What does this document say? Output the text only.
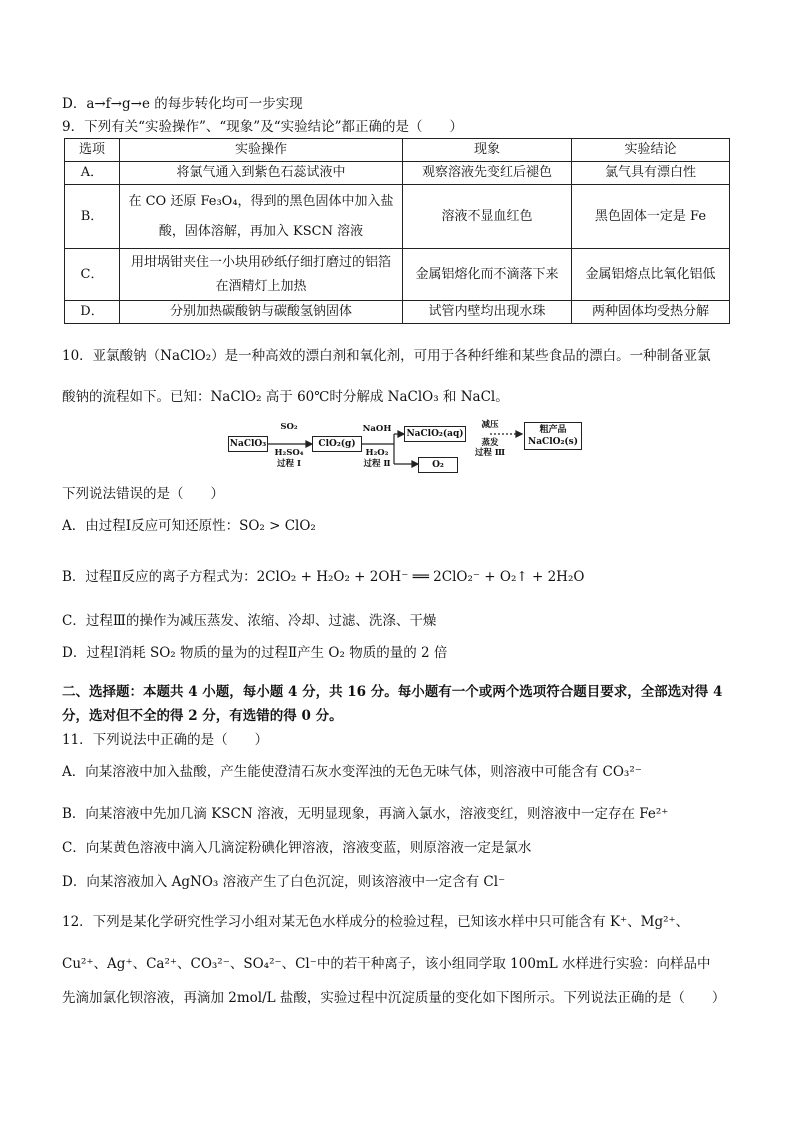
D．a→f→g→e 的每步转化均可一步实现
9．下列有关“实验操作”、“现象”及“实验结论”都正确的是（　　）
选项	实验操作	现象	实验结论
A．	将氯气通入到紫色石蕊试液中	观察溶液先变红后褪色	氯气具有漂白性
B．	在 CO 还原 Fe₃O₄，得到的黑色固体中加入盐酸，固体溶解，再加入 KSCN 溶液	溶液不显血红色	黑色固体一定是 Fe
C．	用坩埚钳夹住一小块用砂纸仔细打磨过的铝箔在酒精灯上加热	金属铝熔化而不滴落下来	金属铝熔点比氧化铝低
D．	分别加热碳酸钠与碳酸氢钠固体	试管内壁均出现水珠	两种固体均受热分解
10．亚氯酸钠（NaClO₂）是一种高效的漂白剂和氧化剂，可用于各种纤维和某些食品的漂白。一种制备亚氯
酸钠的流程如下。已知：NaClO₂ 高于 60℃时分解成 NaClO₃ 和 NaCl。
NaClO₃
SO₂
H₂SO₄
过程 Ⅰ
ClO₂(g)
NaOH
H₂O₂
过程 Ⅱ
NaClO₂(aq)
O₂
减压
蒸发
过程 Ⅲ
粗产品
NaClO₂(s)
下列说法错误的是（　　）
A．由过程Ⅰ反应可知还原性：SO₂ > ClO₂
B．过程Ⅱ反应的离子方程式为：2ClO₂ + H₂O₂ + 2OH⁻ ══ 2ClO₂⁻ + O₂↑ + 2H₂O
C．过程Ⅲ的操作为减压蒸发、浓缩、冷却、过滤、洗涤、干燥
D．过程Ⅰ消耗 SO₂ 物质的量为的过程Ⅱ产生 O₂ 物质的量的 2 倍
二、选择题：本题共 4 小题，每小题 4 分，共 16 分。每小题有一个或两个选项符合题目要求，全部选对得 4
分，选对但不全的得 2 分，有选错的得 0 分。
11．下列说法中正确的是（　　）
A．向某溶液中加入盐酸，产生能使澄清石灰水变浑浊的无色无味气体，则溶液中可能含有 CO₃²⁻
B．向某溶液中先加几滴 KSCN 溶液，无明显现象，再滴入氯水，溶液变红，则溶液中一定存在 Fe²⁺
C．向某黄色溶液中滴入几滴淀粉碘化钾溶液，溶液变蓝，则原溶液一定是氯水
D．向某溶液加入 AgNO₃ 溶液产生了白色沉淀，则该溶液中一定含有 Cl⁻
12．下列是某化学研究性学习小组对某无色水样成分的检验过程，已知该水样中只可能含有 K⁺、Mg²⁺、
Cu²⁺、Ag⁺、Ca²⁺、CO₃²⁻、SO₄²⁻、Cl⁻中的若干种离子，该小组同学取 100mL 水样进行实验：向样品中
先滴加氯化钡溶液，再滴加 2mol/L 盐酸，实验过程中沉淀质量的变化如下图所示。下列说法正确的是（　　）
